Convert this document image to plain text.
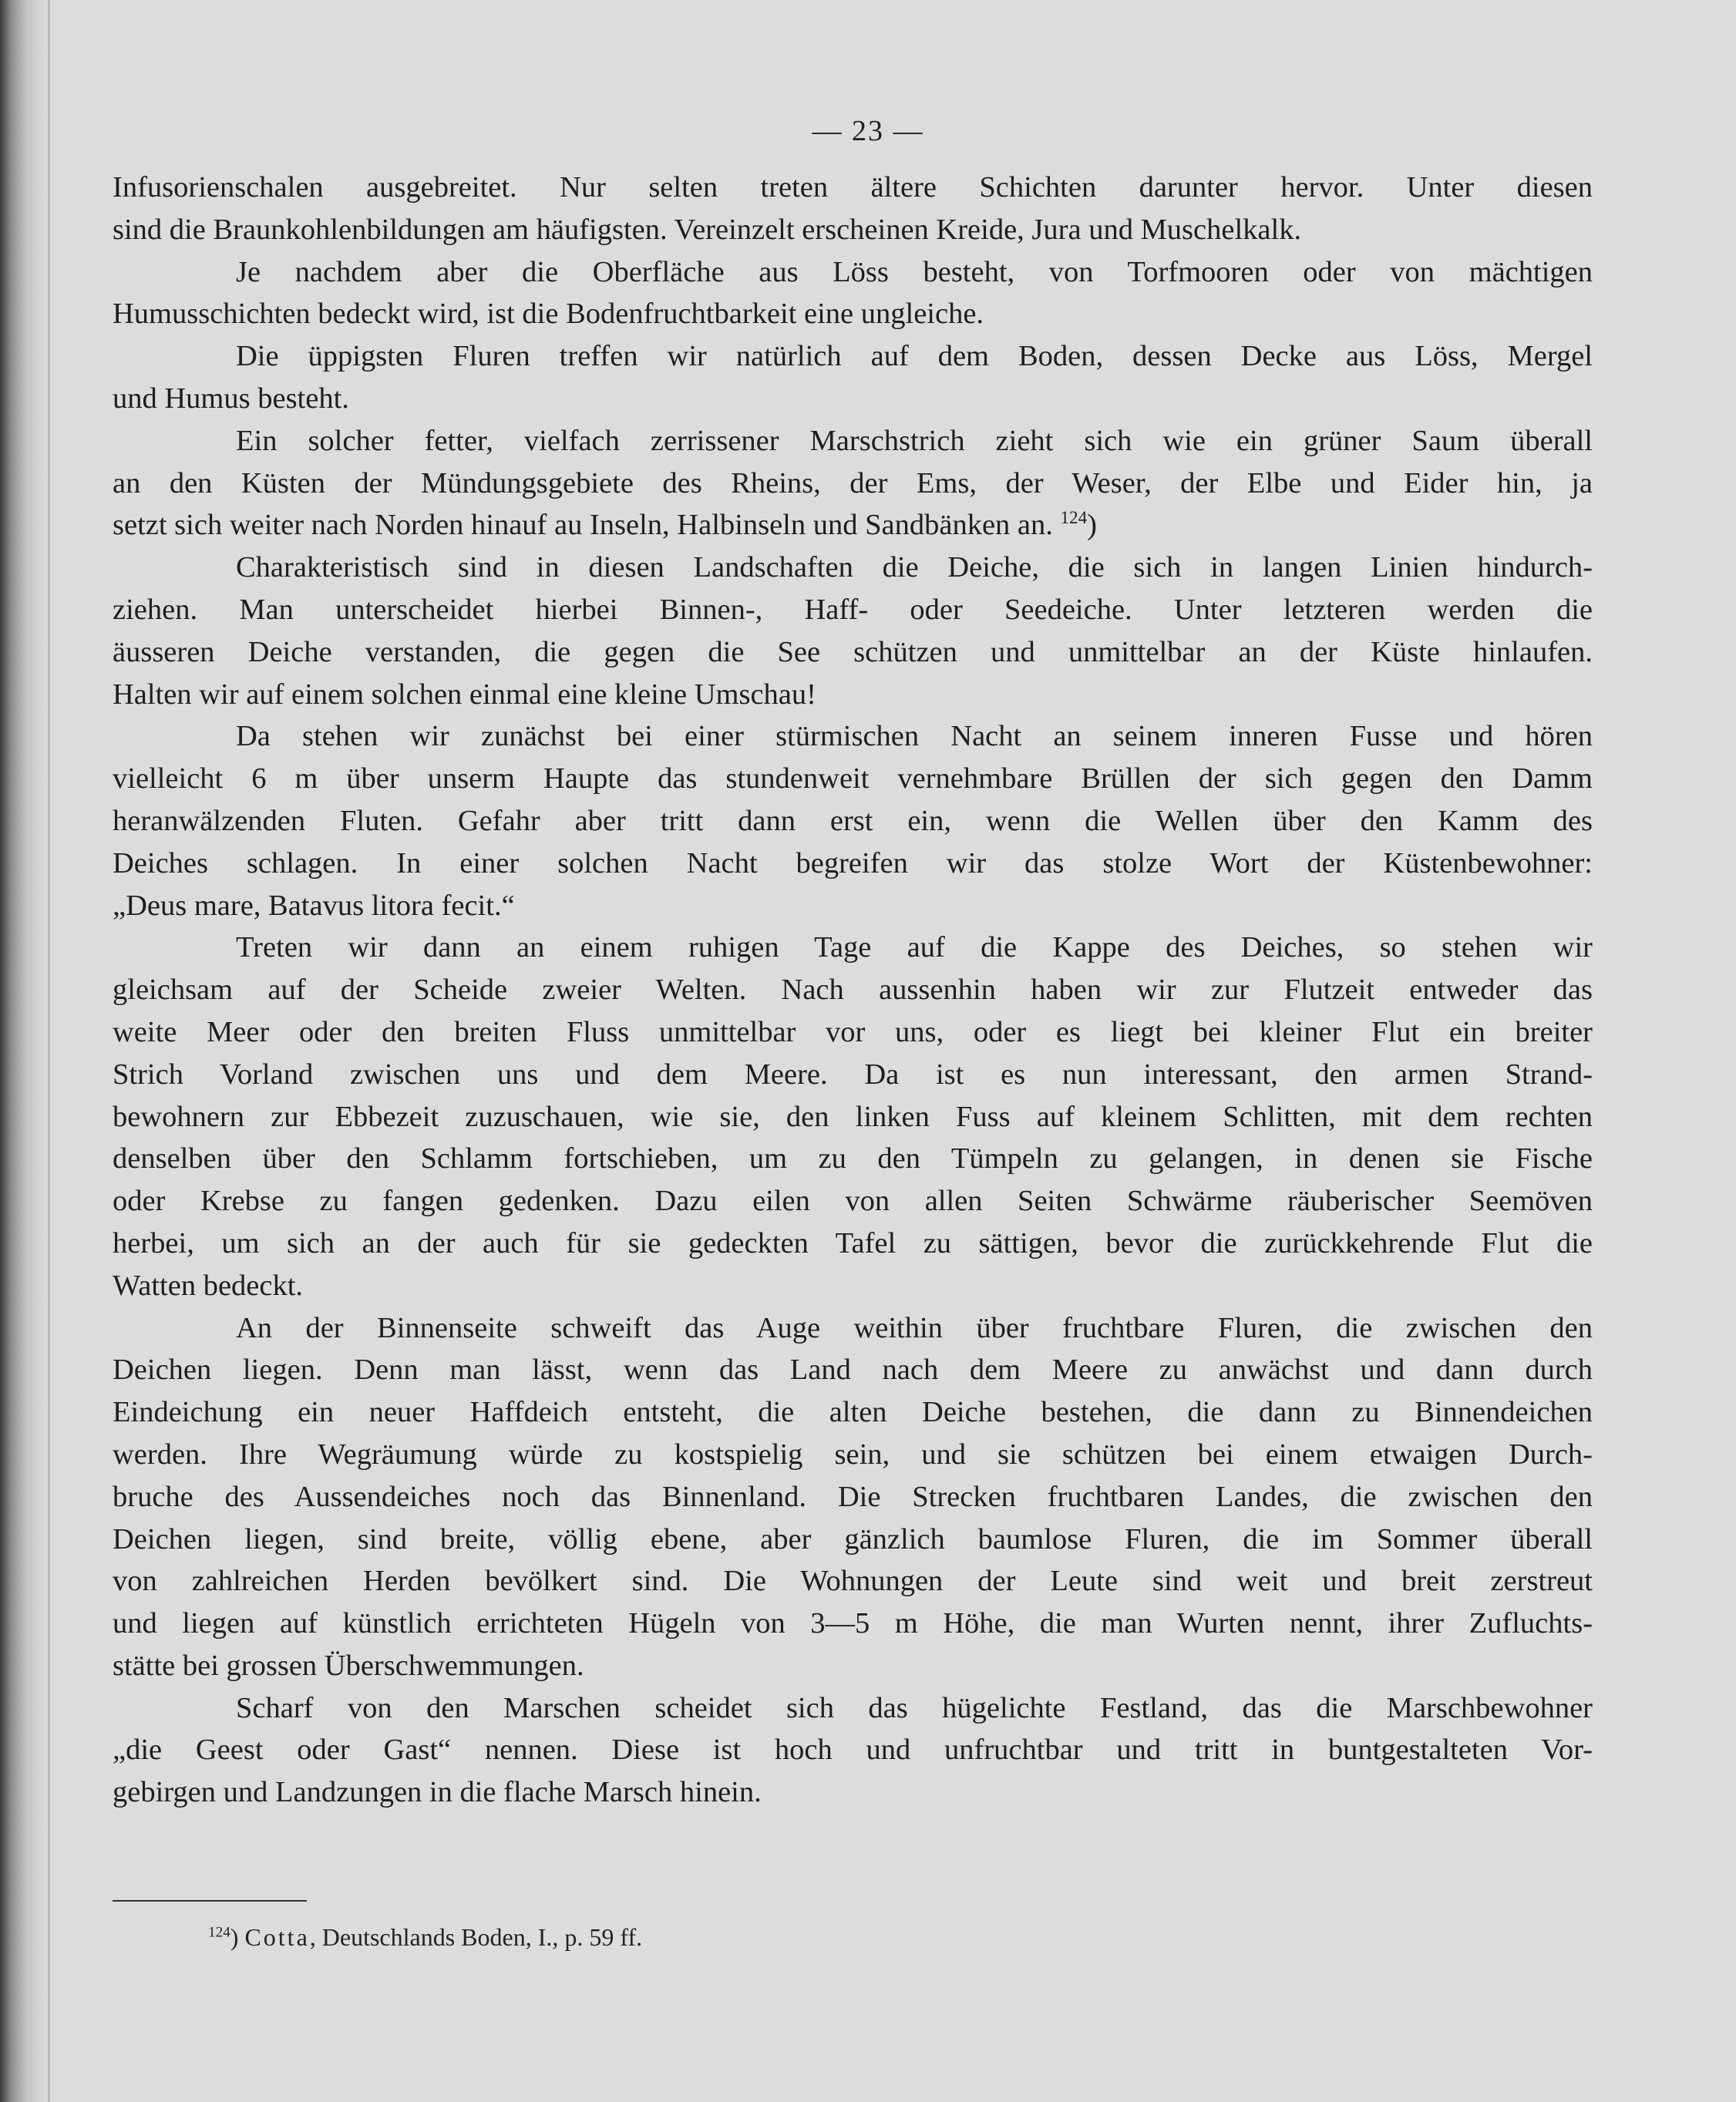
— 23 —
Infusorienschalen ausgebreitet. Nur selten treten ältere Schichten darunter hervor. Unter diesen
sind die Braunkohlenbildungen am häufigsten. Vereinzelt erscheinen Kreide, Jura und Muschelkalk.
Je nachdem aber die Oberfläche aus Löss besteht, von Torfmooren oder von mächtigen
Humusschichten bedeckt wird, ist die Bodenfruchtbarkeit eine ungleiche.
Die üppigsten Fluren treffen wir natürlich auf dem Boden, dessen Decke aus Löss, Mergel
und Humus besteht.
Ein solcher fetter, vielfach zerrissener Marschstrich zieht sich wie ein grüner Saum überall
an den Küsten der Mündungsgebiete des Rheins, der Ems, der Weser, der Elbe und Eider hin, ja
setzt sich weiter nach Norden hinauf au Inseln, Halbinseln und Sandbänken an. $^{124}$)
Charakteristisch sind in diesen Landschaften die Deiche, die sich in langen Linien hindurch-
ziehen. Man unterscheidet hierbei Binnen-, Haff- oder Seedeiche. Unter letzteren werden die
äusseren Deiche verstanden, die gegen die See schützen und unmittelbar an der Küste hinlaufen.
Halten wir auf einem solchen einmal eine kleine Umschau!
Da stehen wir zunächst bei einer stürmischen Nacht an seinem inneren Fusse und hören
vielleicht 6 m über unserm Haupte das stundenweit vernehmbare Brüllen der sich gegen den Damm
heranwälzenden Fluten. Gefahr aber tritt dann erst ein, wenn die Wellen über den Kamm des
Deiches schlagen. In einer solchen Nacht begreifen wir das stolze Wort der Küstenbewohner:
„Deus mare, Batavus litora fecit.“
Treten wir dann an einem ruhigen Tage auf die Kappe des Deiches, so stehen wir
gleichsam auf der Scheide zweier Welten. Nach aussenhin haben wir zur Flutzeit entweder das
weite Meer oder den breiten Fluss unmittelbar vor uns, oder es liegt bei kleiner Flut ein breiter
Strich Vorland zwischen uns und dem Meere. Da ist es nun interessant, den armen Strand-
bewohnern zur Ebbezeit zuzuschauen, wie sie, den linken Fuss auf kleinem Schlitten, mit dem rechten
denselben über den Schlamm fortschieben, um zu den Tümpeln zu gelangen, in denen sie Fische
oder Krebse zu fangen gedenken. Dazu eilen von allen Seiten Schwärme räuberischer Seemöven
herbei, um sich an der auch für sie gedeckten Tafel zu sättigen, bevor die zurückkehrende Flut die
Watten bedeckt.
An der Binnenseite schweift das Auge weithin über fruchtbare Fluren, die zwischen den
Deichen liegen. Denn man lässt, wenn das Land nach dem Meere zu anwächst und dann durch
Eindeichung ein neuer Haffdeich entsteht, die alten Deiche bestehen, die dann zu Binnendeichen
werden. Ihre Wegräumung würde zu kostspielig sein, und sie schützen bei einem etwaigen Durch-
bruche des Aussendeiches noch das Binnenland. Die Strecken fruchtbaren Landes, die zwischen den
Deichen liegen, sind breite, völlig ebene, aber gänzlich baumlose Fluren, die im Sommer überall
von zahlreichen Herden bevölkert sind. Die Wohnungen der Leute sind weit und breit zerstreut
und liegen auf künstlich errichteten Hügeln von 3—5 m Höhe, die man Wurten nennt, ihrer Zufluchts-
stätte bei grossen Überschwemmungen.
Scharf von den Marschen scheidet sich das hügelichte Festland, das die Marschbewohner
„die Geest oder Gast“ nennen. Diese ist hoch und unfruchtbar und tritt in buntgestalteten Vor-
gebirgen und Landzungen in die flache Marsch hinein.
$^{124}$) Cotta, Deutschlands Boden, I., p. 59 ff.
